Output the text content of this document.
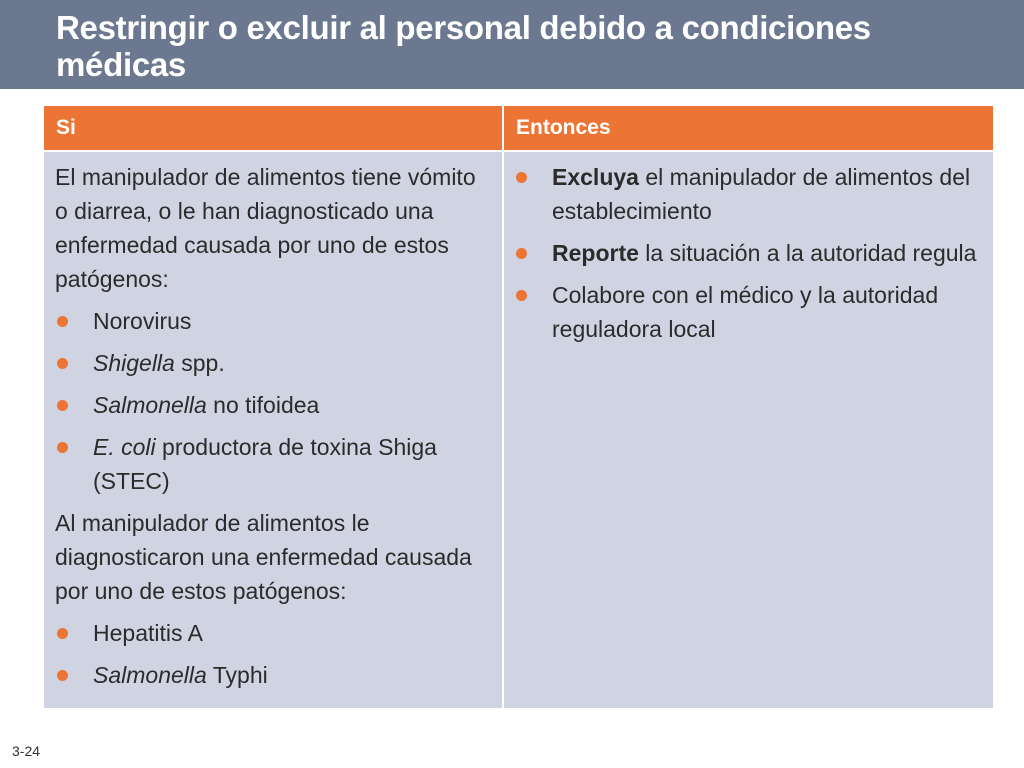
Restringir o excluir al personal debido a condiciones médicas
Si	Entonces

El manipulador de alimentos tiene vómito o diarrea, o le han diagnosticado una enfermedad causada por uno de estos patógenos:

Norovirus
Shigella spp.
Salmonella no tifoidea
E. coli productora de toxina Shiga (STEC)

Al manipulador de alimentos le diagnosticaron una enfermedad causada por uno de estos patógenos:

Hepatitis A
Salmonella Typhi
Excluya el manipulador de alimentos del establecimiento
Reporte la situación a la autoridad regula
Colabore con el médico y la autoridad reguladora local
3-24
